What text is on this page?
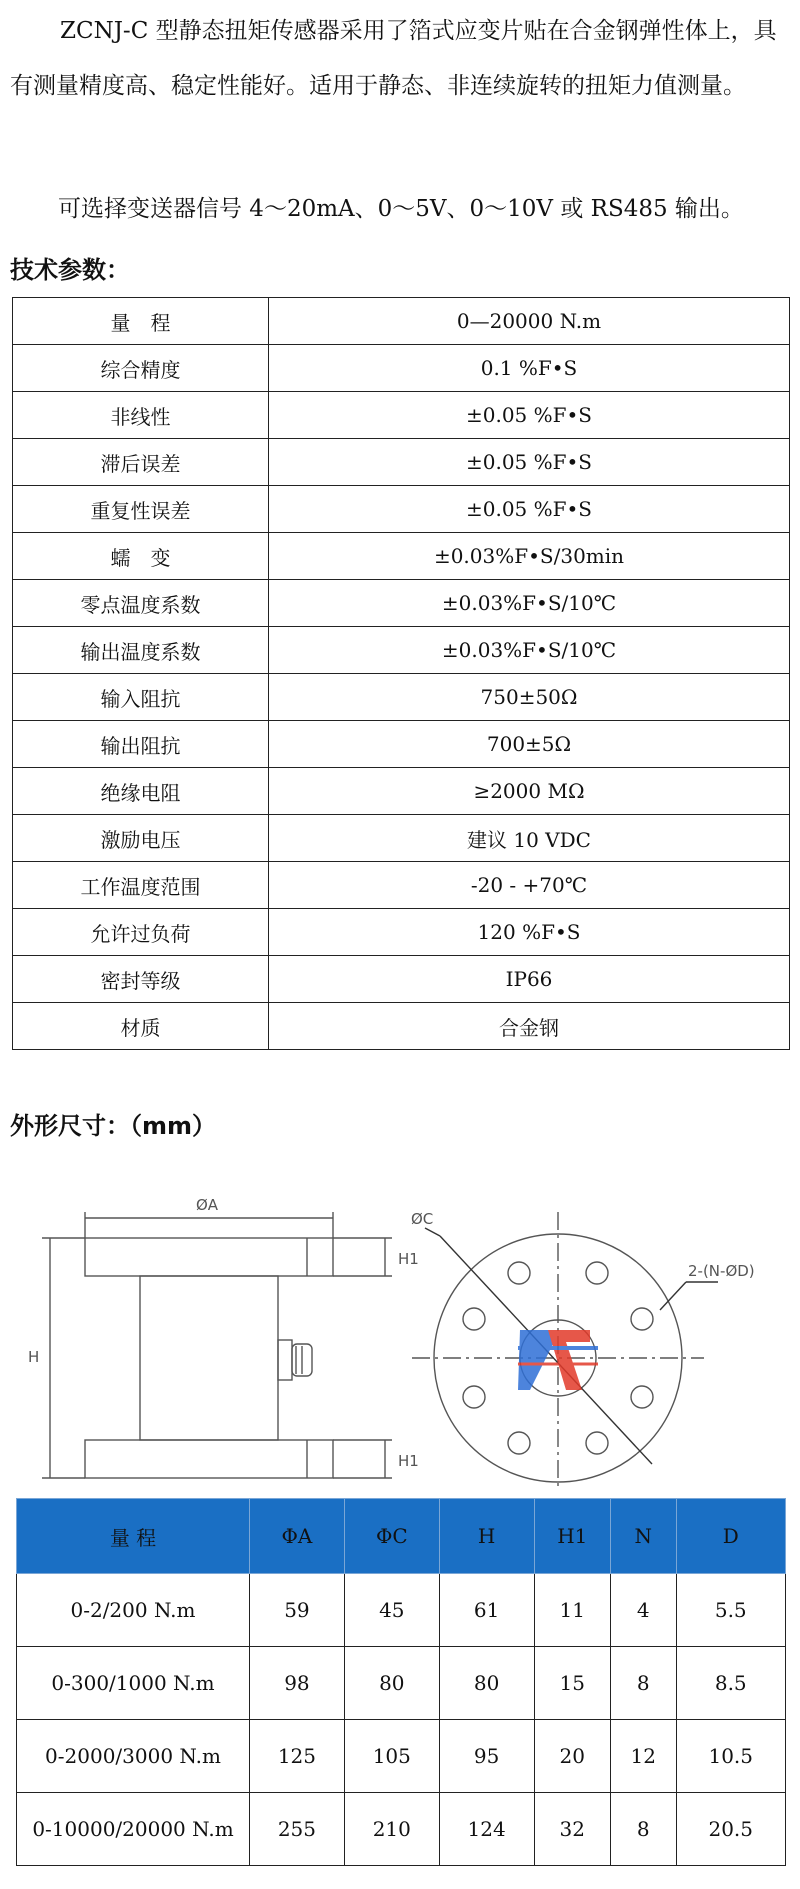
ZCNJ-C 型静态扭矩传感器采用了箔式应变片贴在合金钢弹性体上，具有测量精度高、稳定性能好。适用于静态、非连续旋转的扭矩力值测量。

可选择变送器信号 4～20mA、0～5V、0～10V 或 RS485 输出。

技术参数：
量　程	0—20000 N.m
综合精度	0.1 %F•S
非线性	±0.05 %F•S
滞后误差	±0.05 %F•S
重复性误差	±0.05 %F•S
蠕　变	±0.03%F•S/30min
零点温度系数	±0.03%F•S/10℃
输出温度系数	±0.03%F•S/10℃
输入阻抗	750±50Ω
输出阻抗	700±5Ω
绝缘电阻	≥2000 MΩ
激励电压	建议 10 VDC
工作温度范围	-20 - +70℃
允许过负荷	120 %F•S
密封等级	IP66
材质	合金钢
外形尺寸：（mm）
ØA
H
H1
H1
ØC
2-(N-ØD)
量 程	ΦA	ΦC	H	H1	N	D
0-2/200 N.m	59	45	61	11	4	5.5
0-300/1000 N.m	98	80	80	15	8	8.5
0-2000/3000 N.m	125	105	95	20	12	10.5
0-10000/20000 N.m	255	210	124	32	8	20.5
